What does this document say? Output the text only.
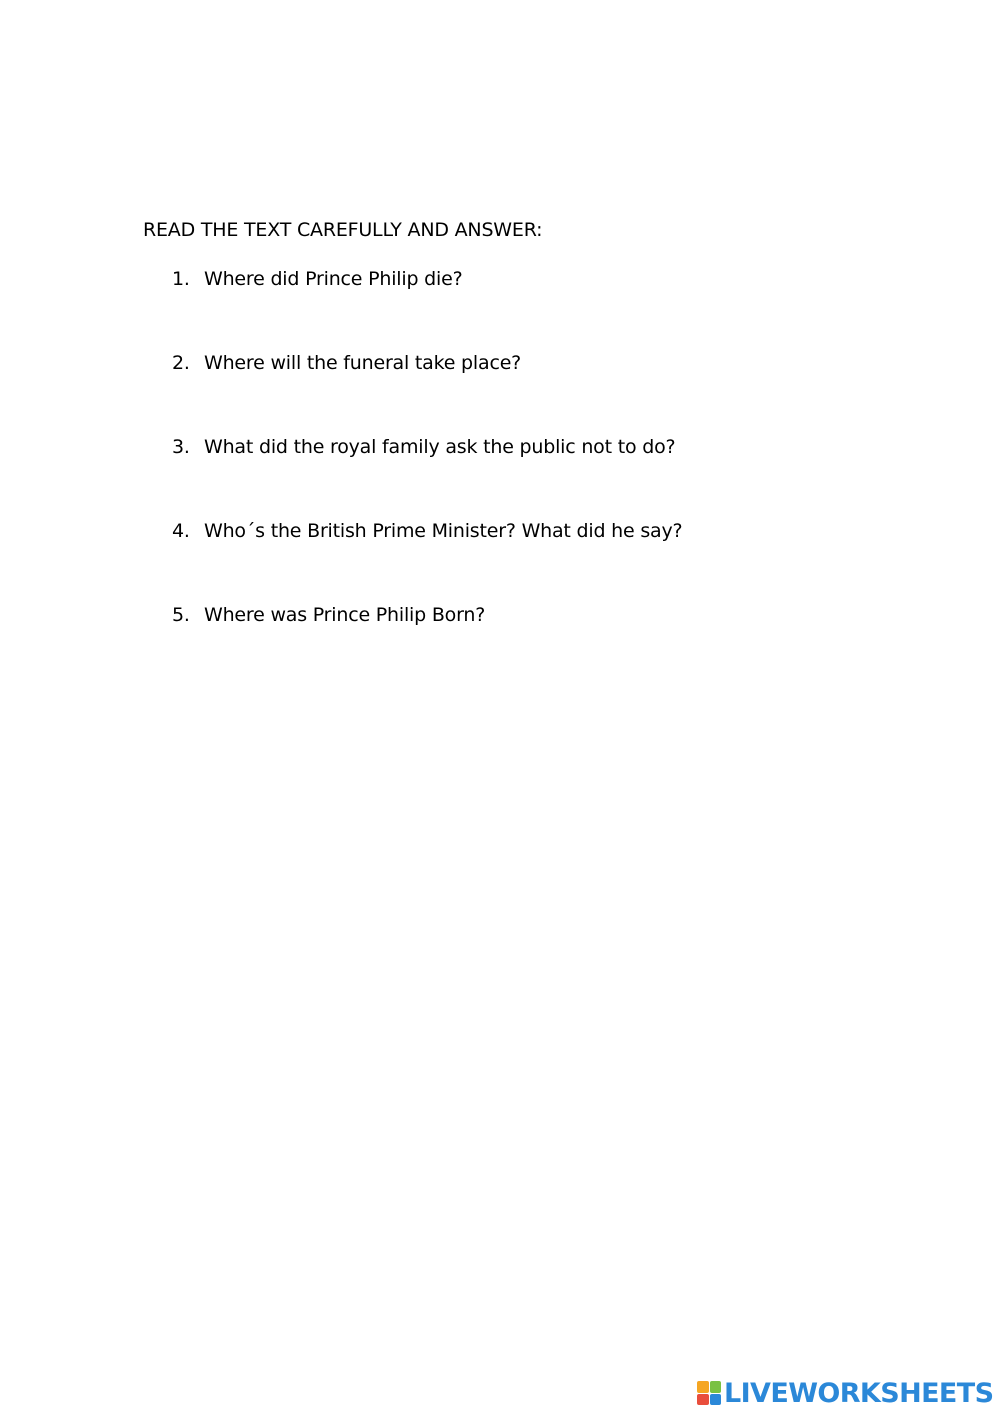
READ THE TEXT CAREFULLY AND ANSWER:
1. Where did Prince Philip die?
2. Where will the funeral take place?
3. What did the royal family ask the public not to do?
4. Who´s the British Prime Minister? What did he say?
5. Where was Prince Philip Born?
LIVEWORKSHEETS
